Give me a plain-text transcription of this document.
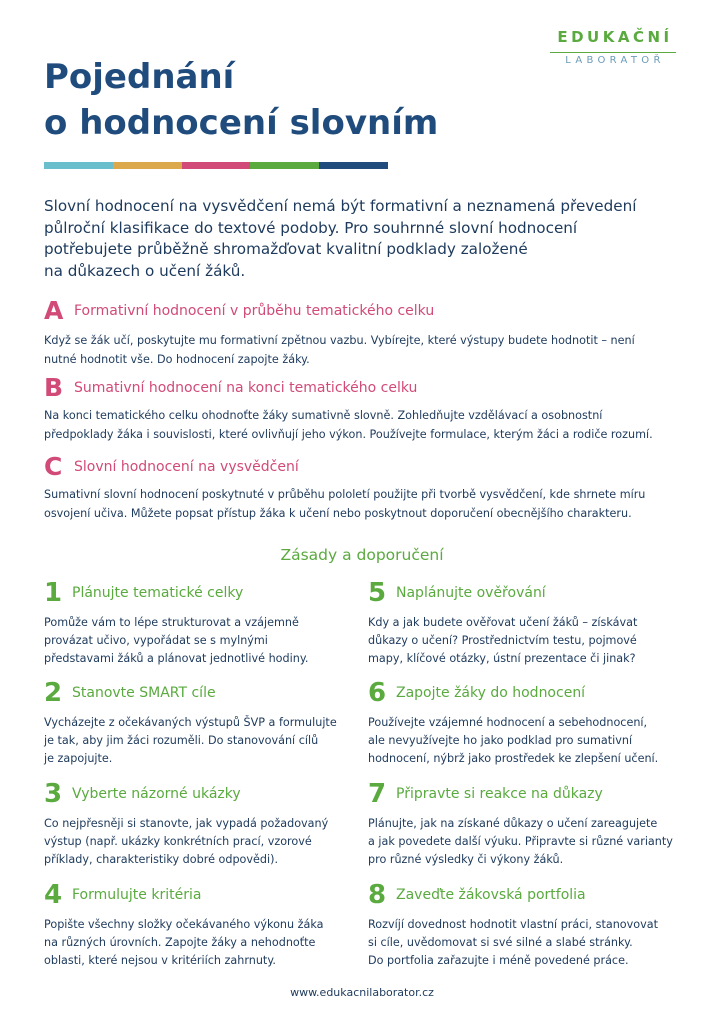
EDUKAČNÍ
LABORATOŘ
Pojednání
o hodnocení slovním

Slovní hodnocení na vysvědčení nemá být formativní a neznamená převedení
půlroční klasifikace do textové podoby. Pro souhrnné slovní hodnocení
potřebujete průběžně shromažďovat kvalitní podklady založené
na důkazech o učení žáků.

A Formativní hodnocení v průběhu tematického celku

Když se žák učí, poskytujte mu formativní zpětnou vazbu. Vybírejte, které výstupy budete hodnotit – není
nutné hodnotit vše. Do hodnocení zapojte žáky.

B Sumativní hodnocení na konci tematického celku

Na konci tematického celku ohodnoťte žáky sumativně slovně. Zohledňujte vzdělávací a osobnostní
předpoklady žáka i souvislosti, které ovlivňují jeho výkon. Používejte formulace, kterým žáci a rodiče rozumí.

C Slovní hodnocení na vysvědčení

Sumativní slovní hodnocení poskytnuté v průběhu pololetí použijte při tvorbě vysvědčení, kde shrnete míru
osvojení učiva. Můžete popsat přístup žáka k učení nebo poskytnout doporučení obecnějšího charakteru.

Zásady a doporučení
1 Plánujte tematické celky

Pomůže vám to lépe strukturovat a vzájemně
provázat učivo, vypořádat se s mylnými
představami žáků a plánovat jednotlivé hodiny.

2 Stanovte SMART cíle

Vycházejte z očekávaných výstupů ŠVP a formulujte
je tak, aby jim žáci rozuměli. Do stanovování cílů
je zapojujte.

3 Vyberte názorné ukázky

Co nejpřesněji si stanovte, jak vypadá požadovaný
výstup (např. ukázky konkrétních prací, vzorové
příklady, charakteristiky dobré odpovědi).

4 Formulujte kritéria

Popište všechny složky očekávaného výkonu žáka
na různých úrovních. Zapojte žáky a nehodnoťte
oblasti, které nejsou v kritériích zahrnuty.

5 Naplánujte ověřování

Kdy a jak budete ověřovat učení žáků – získávat
důkazy o učení? Prostřednictvím testu, pojmové
mapy, klíčové otázky, ústní prezentace či jinak?

6 Zapojte žáky do hodnocení

Používejte vzájemné hodnocení a sebehodnocení,
ale nevyužívejte ho jako podklad pro sumativní
hodnocení, nýbrž jako prostředek ke zlepšení učení.

7 Připravte si reakce na důkazy

Plánujte, jak na získané důkazy o učení zareagujete
a jak povedete další výuku. Připravte si různé varianty
pro různé výsledky či výkony žáků.

8 Zaveďte žákovská portfolia

Rozvíjí dovednost hodnotit vlastní práci, stanovovat
si cíle, uvědomovat si své silné a slabé stránky.
Do portfolia zařazujte i méně povedené práce.

www.edukacnilaborator.cz
